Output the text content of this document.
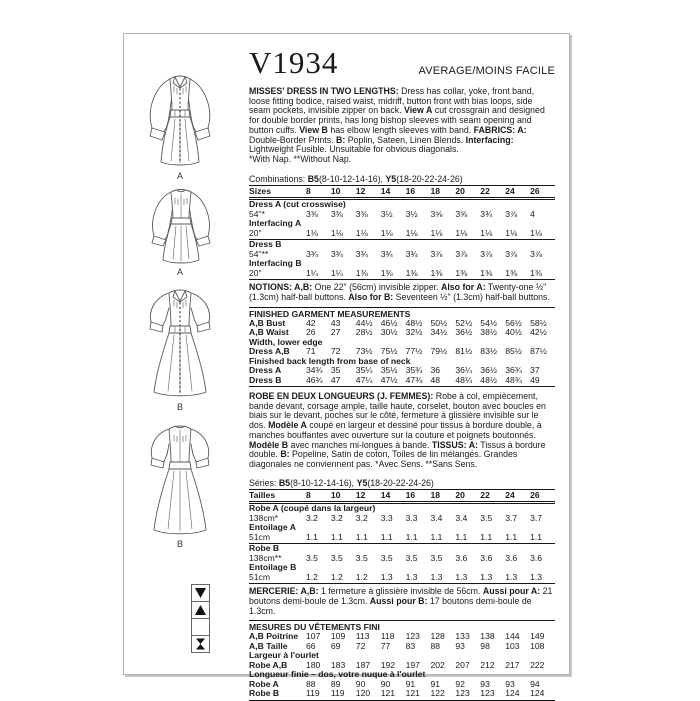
A
A
B
B
V1934	AVERAGE/MOINS FACILE
MISSES' DRESS IN TWO LENGTHS: Dress has collar, yoke, front band, loose fitting bodice, raised waist, midriff, button front with bias loops, side seam pockets, invisible zipper on back. View A cut crossgrain and designed for double border prints, has long bishop sleeves with seam opening and button cuffs. View B has elbow length sleeves with band. FABRICS: A: Double-Border Prints. B: Poplin, Sateen, Linen Blends. Interfacing: Lightweight Fusible. Unsuitable for obvious diagonals.
*With Nap. **Without Nap.
Combinations: B5(8-10-12-14-16), Y5(18-20-22-24-26)
Sizes	8	10	12	14	16	18	20	22	24	26
Dress A (cut crosswise)
54"*	3⅜	3⅜	3⅜	3½	3½	3⅝	3⅝	3¾	3⅞	4
Interfacing A
20"	1⅛	1⅛	1⅛	1⅛	1⅛	1⅛	1⅛	1⅛	1⅛	1⅛
Dress B
54"**	3¾	3¾	3¾	3¾	3¾	3⅞	3⅞	3⅞	3⅞	3⅞
Interfacing B
20"	1¼	1¼	1⅜	1⅜	1⅜	1⅜	1⅜	1⅜	1⅜	1⅜
NOTIONS: A,B: One 22" (56cm) invisible zipper. Also for A: Twenty-one ½" (1.3cm) half-ball buttons. Also for B: Seventeen ½" (1.3cm) half-ball buttons.
FINISHED GARMENT MEASUREMENTS
A,B Bust	42	43	44½ 46½ 48½ 50½ 52½ 54½ 56½ 58½
A,B Waist	26	27	28½ 30½ 32½ 34½ 36½ 38½ 40½ 42½
Width, lower edge
Dress A,B	71	72	73½ 75½ 77½ 79½ 81½ 83½ 85½ 87½
Finished back length from base of neck
Dress A	34¾ 35	35¼ 35½ 35¾ 36	36¼ 36½ 36¾ 37
Dress B	46¾ 47	47¼ 47½ 47¾ 48	48¼ 48½ 48¾ 49
ROBE EN DEUX LONGUEURS (J. FEMMES): Robe à col, empiècement, bande devant, corsage ample, taille haute, corselet, bouton avec boucles en biais sur le devant, poches sur le côté, fermeture à glissière invisible sur le dos. Modèle A coupé en largeur et dessiné pour tissus à bordure double, à manches bouffantes avec ouverture sur la couture et poignets boutonnés. Modèle B avec manches mi-longues à bande. TISSUS: A: Tissus à bordure double. B: Popeline, Satin de coton, Toiles de lin mélangés. Grandes diagonales ne conviennent pas. *Avec Sens. **Sans Sens.
Séries: B5(8-10-12-14-16), Y5(18-20-22-24-26)
Tailles	8	10	12	14	16	18	20	22	24	26
Robe A (coupé dans la largeur)
138cm*	3.2	3.2	3.2	3.3	3.3	3.4	3.4	3.5	3.7	3.7
Entoilage A
51cm	1.1	1.1	1.1	1.1	1.1	1.1	1.1	1.1	1.1	1.1
Robe B
138cm**	3.5	3.5	3.5	3.5	3.5	3.5	3.6	3.6	3.6	3.6
Entoilage B
51cm	1.2	1.2	1.2	1.3	1.3	1.3	1.3	1.3	1.3	1.3
MERCERIE: A,B: 1 fermeture à glissière invisible de 56cm. Aussi pour A: 21 boutons demi-boule de 1.3cm. Aussi pour B: 17 boutons demi-boule de 1.3cm.
MESURES DU VÊTEMENTS FINI
A,B Poitrine 107	109	113	118	123	128	133	138	144	149
A,B Taille	66	69	72	77	83	88	93	98	103	108
Largeur à l'ourlet
Robe A,B	180	183	187	192	197	202	207	212	217	222
Longueur finie – dos, votre nuque à l'ourlet
Robe A	88	89	90	90	91	91	92	93	93	94
Robe B	119	119	120	121	121	122	123	123	124	124
